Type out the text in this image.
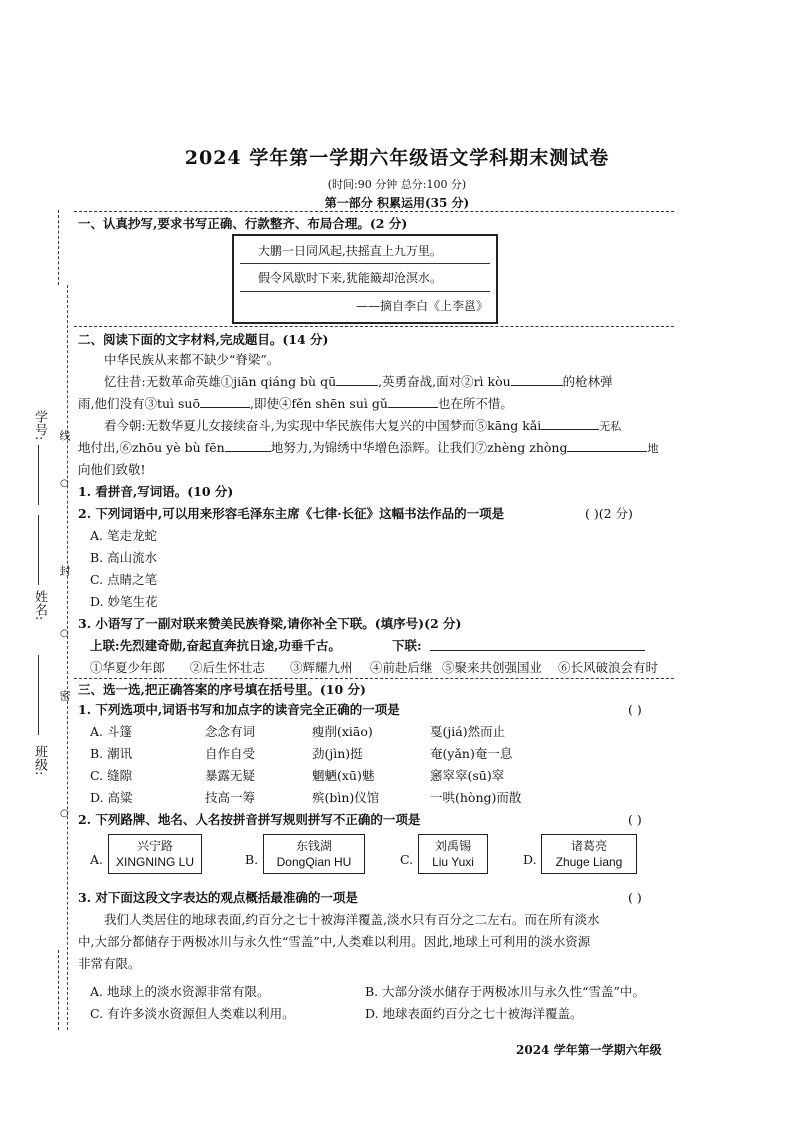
2024 学年第一学期六年级语文学科期末测试卷
(时间:90 分钟 总分:100 分)
第一部分 积累运用(35 分)
学号: 线
○
姓名:
封
○
密
班级:
○
一、认真抄写,要求书写正确、行款整齐、布局合理。(2 分)
大鹏一日同风起,扶摇直上九万里。
假令风歇时下来,犹能簸却沧溟水。
——摘自李白《上李邕》
二、阅读下面的文字材料,完成题目。(14 分)
中华民族从来都不缺少“脊梁”。
忆往昔:无数革命英雄①jiān qiáng bù qū	,英勇奋战,面对②rì kòu	的枪林弹
雨,他们没有③tuì suō	,即使④fěn shēn suì gǔ	也在所不惜。
看今朝:无数华夏儿女接续奋斗,为实现中华民族伟大复兴的中国梦而⑤kāng kǎi	无私
地付出,⑥zhōu yè bù fēn	地努力,为锦绣中华增色添辉。让我们⑦zhèng zhòng	地
向他们致敬!
1. 看拼音,写词语。(10 分)
2. 下列词语中,可以用来形容毛泽东主席《七律·长征》这幅书法作品的一项是	( )(2 分)
A. 笔走龙蛇
B. 高山流水
C. 点睛之笔
D. 妙笔生花
3. 小语写了一副对联来赞美民族脊梁,请你补全下联。(填序号)(2 分)
上联:先烈建奇勋,奋起直奔抗日途,功垂千古。	下联:
①华夏少年郎 ②后生怀壮志 ③辉耀九州 ④前赴后继 ⑤聚来共创强国业 ⑥长风破浪会有时
三、选一选,把正确答案的序号填在括号里。(10 分)
1. 下列选项中,词语书写和加点字的读音完全正确的一项是	( )
A. 斗篷	念念有词	瘦削(xiāo)	戛(jiá)然而止
B. 潮讯	自作自受	劲(jìn)挺	奄(yǎn)奄一息
C. 缝隙	暴露无疑	魍魉(xū)魅	窸窣窣(sū)窣
D. 高粱	技高一筹	殡(bìn)仪馆	一哄(hòng)而散
2. 下列路牌、地名、人名按拼音拼写规则拼写不正确的一项是	( )
A.
兴宁路
XINGNING LU	B.
东钱湖
DongQian HU	C.
刘禹锡
Liu Yuxi	D.
诸葛亮
Zhuge Liang
3. 对下面这段文字表达的观点概括最准确的一项是	( )
我们人类居住的地球表面,约百分之七十被海洋覆盖,淡水只有百分之二左右。而在所有淡水
中,大部分都储存于两极冰川与永久性“雪盖”中,人类难以利用。因此,地球上可利用的淡水资源
非常有限。
A. 地球上的淡水资源非常有限。	B. 大部分淡水储存于两极冰川与永久性“雪盖”中。
C. 有许多淡水资源但人类难以利用。	D. 地球表面约百分之七十被海洋覆盖。
2024 学年第一学期六年级
